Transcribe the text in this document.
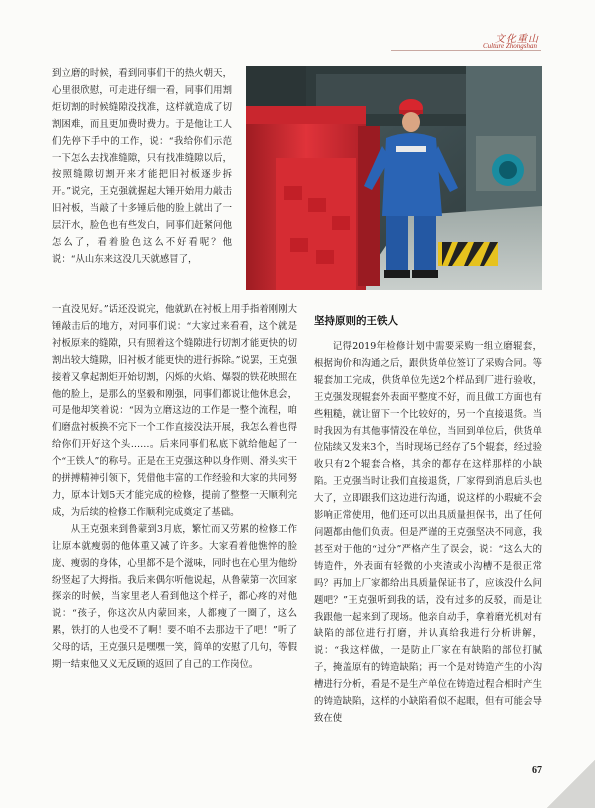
文化重山
Culture Zhongshan

到立磨的时候，看到同事们干的热火朝天，心里很欣慰，可走进仔细一看，同事们用割炬切割的时候缝隙没找准，这样就造成了切割困难，而且更加费时费力。于是他让工人们先停下手中的工作，说：“我给你们示范一下怎么去找准缝隙，只有找准缝隙以后，按照缝隙切割开来才能把旧衬板逐步拆开。”说完，王克强就握起大锤开始用力敲击旧衬板，当敲了十多锤后他的脸上就出了一层汗水，脸色也有些发白，同事们赶紧问他怎么了，看着脸色这么不好看呢？他说：“从山东来这没几天就感冒了，

一直没见好。”话还没说完，他就趴在衬板上用手指着刚刚大锤敲击后的地方，对同事们说：“大家过来看看，这个就是衬板原来的缝隙，只有照着这个缝隙进行切割才能更快的切割出较大缝隙，旧衬板才能更快的进行拆除。”说罢，王克强接着又拿起割炬开始切割，闪烁的火焰、爆裂的铁花映照在他的脸上，是那么的坚毅和刚强，同事们都说让他休息会，可是他却笑着说：“因为立磨这边的工作是一整个流程，咱们磨盘衬板换不完下一个工作直接没法开展，我怎么着也得给你们开好这个头……。后来同事们私底下就给他起了一个“王铁人”的称号。正是在王克强这种以身作则、滑头实干的拼搏精神引领下，凭借他丰富的工作经验和大家的共同努力，原本计划5天才能完成的检修，提前了整整一天顺利完成，为后续的检修工作顺利完成奠定了基础。

从王克强来到鲁蒙到3月底，繁忙而又劳累的检修工作让原本就瘦弱的他体重又减了许多。大家看着他憔悴的脸庞、瘦弱的身体，心里都不是个滋味，同时也在心里为他纷纷竖起了大拇指。我后来偶尔听他说起，从鲁蒙第一次回家探亲的时候，当家里老人看到他这个样子，都心疼的对他说：“孩子，你这次从内蒙回来，人都瘦了一圈了，这么累，铁打的人也受不了啊！要不咱不去那边干了吧！”听了父母的话，王克强只是嘿嘿一笑，简单的安慰了几句，等假期一结束他又义无反顾的返回了自己的工作岗位。

坚持原则的王铁人

记得2019年检修计划中需要采购一组立磨辊套，根据询价和沟通之后，跟供货单位签订了采购合同。等辊套加工完成，供货单位先送2个样品到厂进行验收，王克强发现辊套外表面平整度不好，而且做工方面也有些粗糙，就让留下一个比较好的，另一个直接退货。当时我因为有其他事情没在单位，当回到单位后，供货单位陆续又发来3个，当时现场已经存了5个辊套，经过验收只有2个辊套合格，其余的都存在这样那样的小缺陷。王克强当时让我们直接退货，厂家得到消息后头也大了，立即跟我们这边进行沟通，说这样的小瑕疵不会影响正常使用，他们还可以出具质量担保书，出了任何问题都由他们负责。但是严谨的王克强坚决不同意，我甚至对于他的“过分”严格产生了误会，说：“这么大的铸造件，外表面有轻微的小夹渣或小沟槽不是很正常吗？再加上厂家都给出具质量保证书了，应该没什么问题吧？”王克强听到我的话，没有过多的反驳，而是让我跟他一起来到了现场。他亲自动手，拿着磨光机对有缺陷的部位进行打磨，并认真给我进行分析讲解，说：“我这样做，一是防止厂家在有缺陷的部位打腻子，掩盖原有的铸造缺陷；再一个是对铸造产生的小沟槽进行分析，看是不是生产单位在铸造过程合相时产生的铸造缺陷，这样的小缺陷看似不起眼，但有可能会导致在使

67
